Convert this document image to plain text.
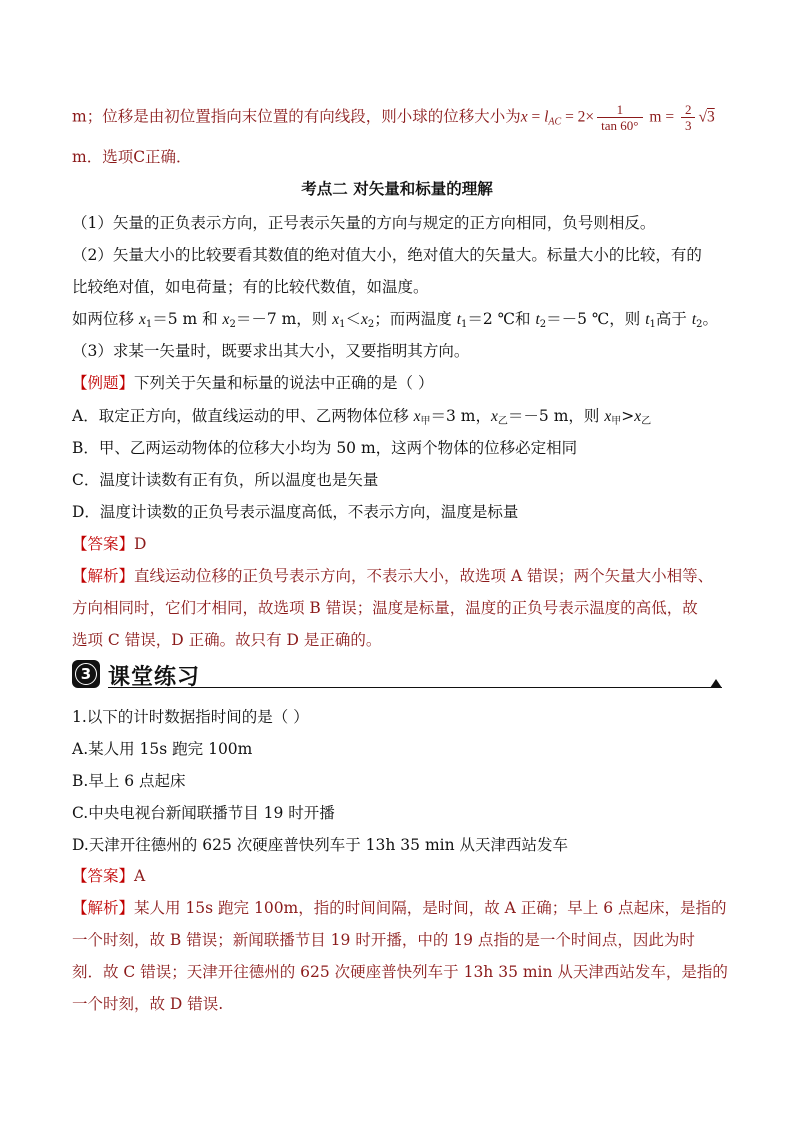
m；位移是由初位置指向末位置的有向线段，则小球的位移大小为$x = l_{AC} = 2\times \frac{1}{\tan 60^\circ}$ $m = \frac{2}{3} √3$
m．选项C正确．
考点二 对矢量和标量的理解
（1）矢量的正负表示方向，正号表示矢量的方向与规定的正方向相同，负号则相反。
（2）矢量大小的比较要看其数值的绝对值大小，绝对值大的矢量大。标量大小的比较，有的
比较绝对值，如电荷量；有的比较代数值，如温度。
如两位移 $x_1=5$ m 和 $x_2=-7$ m，则 $x_1<x_2$；而两温度 $t_1=2$ ℃和 $t_2=-5$ ℃，则 $t_1$高于 $t_2$。
（3）求某一矢量时，既要求出其大小，又要指明其方向。
【例题】下列关于矢量和标量的说法中正确的是（ ）
A．取定正方向，做直线运动的甲、乙两物体位移 $x_甲=3$ m，$x_乙=-5$ m，则 $x_甲>x_乙$
B．甲、乙两运动物体的位移大小均为 50 m，这两个物体的位移必定相同
C．温度计读数有正有负，所以温度也是矢量
D．温度计读数的正负号表示温度高低，不表示方向，温度是标量
【答案】D
【解析】直线运动位移的正负号表示方向，不表示大小，故选项 A 错误；两个矢量大小相等、
方向相同时，它们才相同，故选项 B 错误；温度是标量，温度的正负号表示温度的高低，故
选项 C 错误，D 正确。故只有 D 是正确的。
3 课堂练习
1.以下的计时数据指时间的是（ ）
A.某人用 15s 跑完 100m
B.早上 6 点起床
C.中央电视台新闻联播节目 19 时开播
D.天津开往德州的 625 次硬座普快列车于 13h 35 min 从天津西站发车
【答案】A
【解析】某人用 15s 跑完 100m，指的时间间隔，是时间，故 A 正确；早上 6 点起床，是指的
一个时刻，故 B 错误；新闻联播节目 19 时开播，中的 19 点指的是一个时间点，因此为时
刻．故 C 错误；天津开往德州的 625 次硬座普快列车于 13h 35 min 从天津西站发车，是指的
一个时刻，故 D 错误.
